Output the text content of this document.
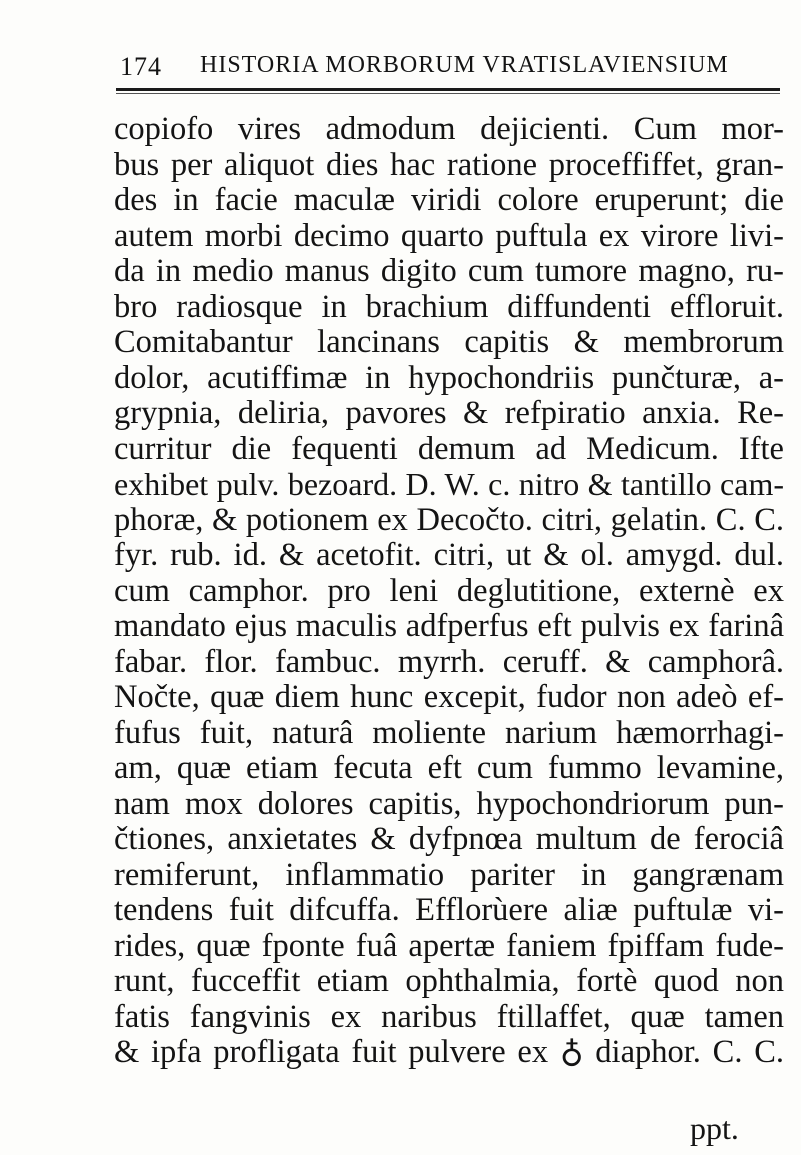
174 HISTORIA MORBORUM VRATISLAVIENSIUM
copiofo vires admodum dejicienti. Cum mor-
bus per aliquot dies hac ratione proceffiffet, gran-
des in facie maculæ viridi colore eruperunt; die
autem morbi decimo quarto puftula ex virore livi-
da in medio manus digito cum tumore magno, ru-
bro radiosque in brachium diffundenti effloruit.
Comitabantur lancinans capitis & membrorum
dolor, acutiffimæ in hypochondriis punčturæ, a-
grypnia, deliria, pavores & refpiratio anxia. Re-
curritur die fequenti demum ad Medicum. Ifte
exhibet pulv. bezoard. D. W. c. nitro & tantillo cam-
phoræ, & potionem ex Decočto. citri, gelatin. C. C.
fyr. rub. id. & acetofit. citri, ut & ol. amygd. dul.
cum camphor. pro leni deglutitione, externè ex
mandato ejus maculis adfperfus eft pulvis ex farinâ
fabar. flor. fambuc. myrrh. ceruff. & camphorâ.
Nočte, quæ diem hunc excepit, fudor non adeò ef-
fufus fuit, naturâ moliente narium hæmorrhagi-
am, quæ etiam fecuta eft cum fummo levamine,
nam mox dolores capitis, hypochondriorum pun-
čtiones, anxietates & dyfpnœa multum de ferociâ
remiferunt, inflammatio pariter in gangrænam
tendens fuit difcuffa. Efflorùere aliæ puftulæ vi-
rides, quæ fponte fuâ apertæ faniem fpiffam fude-
runt, fucceffit etiam ophthalmia, fortè quod non
fatis fangvinis ex naribus ftillaffet, quæ tamen
& ipfa profligata fuit pulvere ex ♁ diaphor. C. C.
ppt.
